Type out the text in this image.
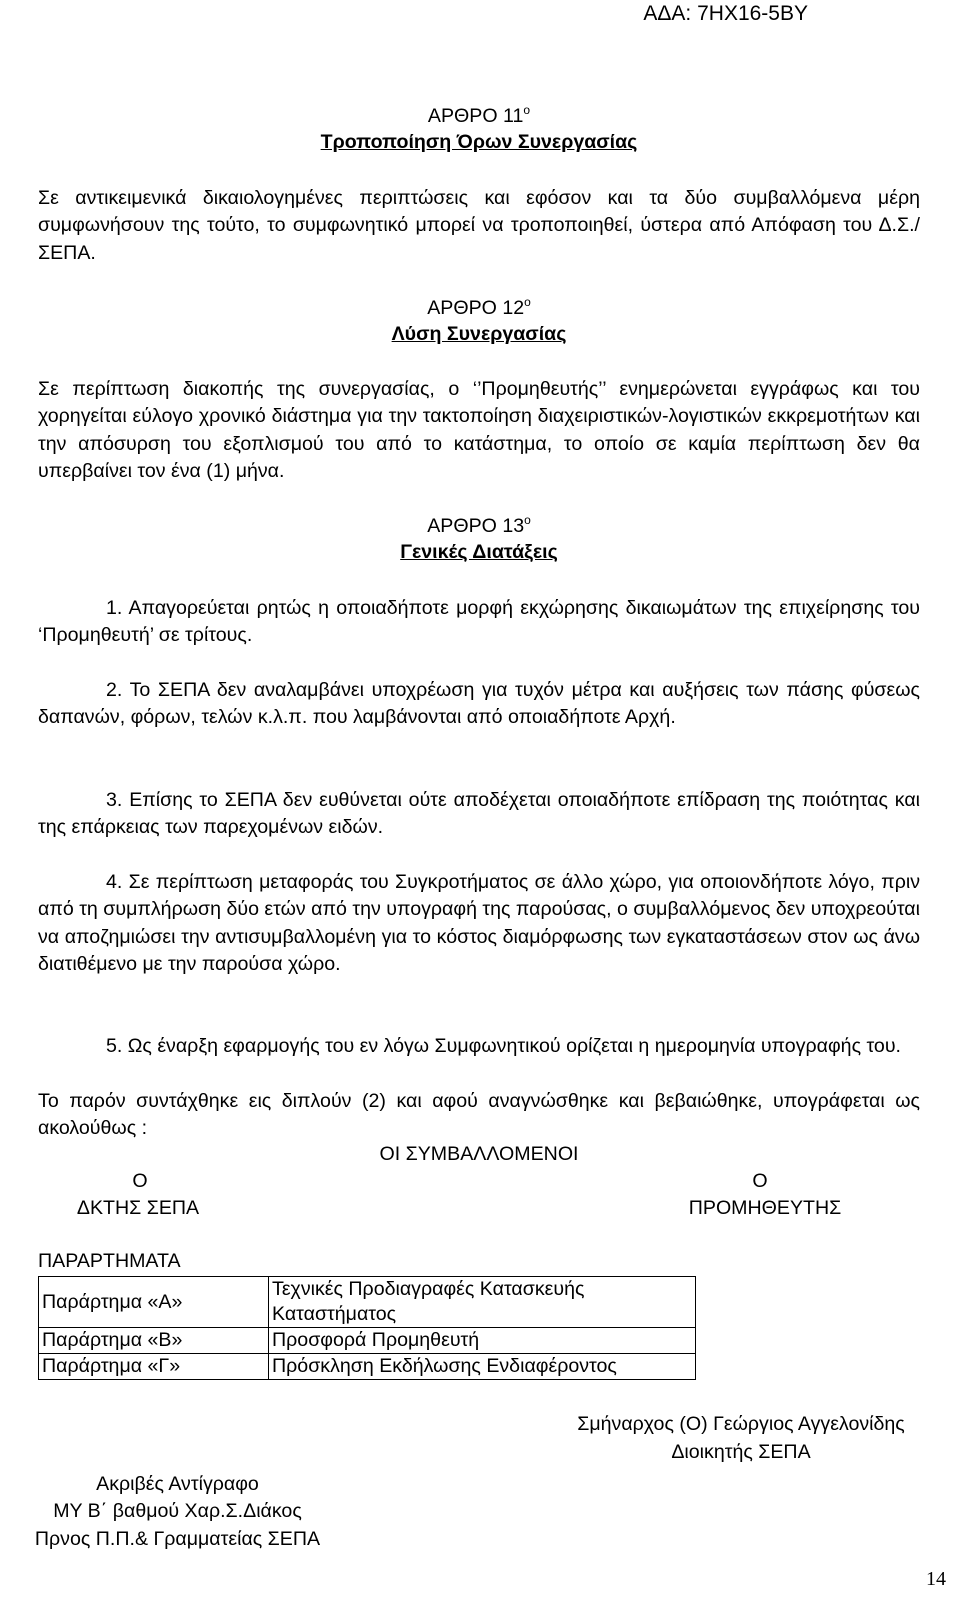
ΑΔΑ: 7ΗΧ16-5ΒΥ
ΑΡΘΡΟ $11^o$
Τροποποίηση Όρων Συνεργασίας
Σε αντικειμενικά δικαιολογημένες περιπτώσεις και εφόσον και τα δύο συμβαλλόμενα μέρη συμφωνήσουν της τούτο, το συμφωνητικό μπορεί να τροποποιηθεί, ύστερα από Απόφαση του Δ.Σ./ΣΕΠΑ.
ΑΡΘΡΟ $12^o$
Λύση Συνεργασίας
Σε περίπτωση διακοπής της συνεργασίας, ο ‘’Προμηθευτής’’ ενημερώνεται εγγράφως και του χορηγείται εύλογο χρονικό διάστημα για την τακτοποίηση διαχειριστικών-λογιστικών εκκρεμοτήτων και την απόσυρση του εξοπλισμού του από το κατάστημα, το οποίο σε καμία περίπτωση δεν θα υπερβαίνει τον ένα (1) μήνα.
ΑΡΘΡΟ $13^o$
Γενικές Διατάξεις
1. Απαγορεύεται ρητώς η οποιαδήποτε μορφή εκχώρησης δικαιωμάτων της επιχείρησης του ‘Προμηθευτή’ σε τρίτους.
2. Το ΣΕΠΑ δεν αναλαμβάνει υποχρέωση για τυχόν μέτρα και αυξήσεις των πάσης φύσεως δαπανών, φόρων, τελών κ.λ.π. που λαμβάνονται από οποιαδήποτε Αρχή.
3. Επίσης το ΣΕΠΑ δεν ευθύνεται ούτε αποδέχεται οποιαδήποτε επίδραση της ποιότητας και της επάρκειας των παρεχομένων ειδών.
4. Σε περίπτωση μεταφοράς του Συγκροτήματος σε άλλο χώρο, για οποιονδήποτε λόγο, πριν από τη συμπλήρωση δύο ετών από την υπογραφή της παρούσας, ο συμβαλλόμενος δεν υποχρεούται να αποζημιώσει την αντισυμβαλλομένη για το κόστος διαμόρφωσης των εγκαταστάσεων στον ως άνω διατιθέμενο με την παρούσα χώρο.
5. Ως έναρξη εφαρμογής του εν λόγω Συμφωνητικού ορίζεται η ημερομηνία υπογραφής του.
Το παρόν συντάχθηκε εις διπλούν (2) και αφού αναγνώσθηκε και βεβαιώθηκε, υπογράφεται ως ακολούθως :
ΟΙ ΣΥΜΒΑΛΛΟΜΕΝΟΙ
Ο
ΔΚΤΗΣ ΣΕΠΑ
Ο
ΠΡΟΜΗΘΕΥΤΗΣ
ΠΑΡΑΡΤΗΜΑΤΑ
Παράρτημα «Α»	Τεχνικές Προδιαγραφές Κατασκευής Καταστήματος
Παράρτημα «Β»	Προσφορά Προμηθευτή
Παράρτημα «Γ»	Πρόσκληση Εκδήλωσης Ενδιαφέροντος
Σμήναρχος (Ο) Γεώργιος Αγγελονίδης
Διοικητής ΣΕΠΑ
Ακριβές Αντίγραφο
ΜΥ Β΄ βαθμού Χαρ.Σ.Διάκος
Πρνος Π.Π.& Γραμματείας ΣΕΠΑ
14
